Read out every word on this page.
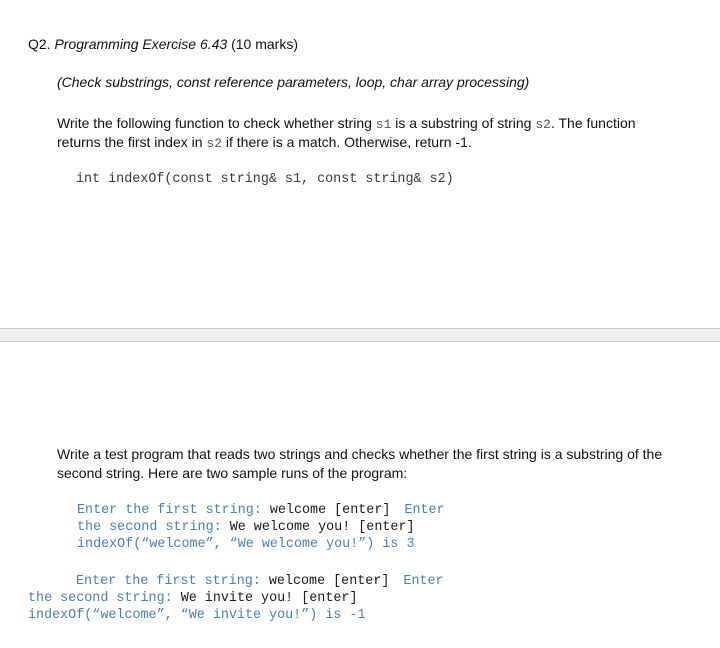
Q2. Programming Exercise 6.43 (10 marks)
(Check substrings, const reference parameters, loop, char array processing)
Write the following function to check whether string s1 is a substring of string s2. The function
returns the first index in s2 if there is a match. Otherwise, return -1.
int indexOf(const string& s1, const string& s2)
Write a test program that reads two strings and checks whether the first string is a substring of the
second string. Here are two sample runs of the program:
Enter the first string: welcome [enter] Enter
the second string: We welcome you! [enter]
indexOf(“welcome”, “We welcome you!”) is 3
Enter the first string: welcome [enter] Enter
the second string: We invite you! [enter]
indexOf(“welcome”, “We invite you!”) is -1
